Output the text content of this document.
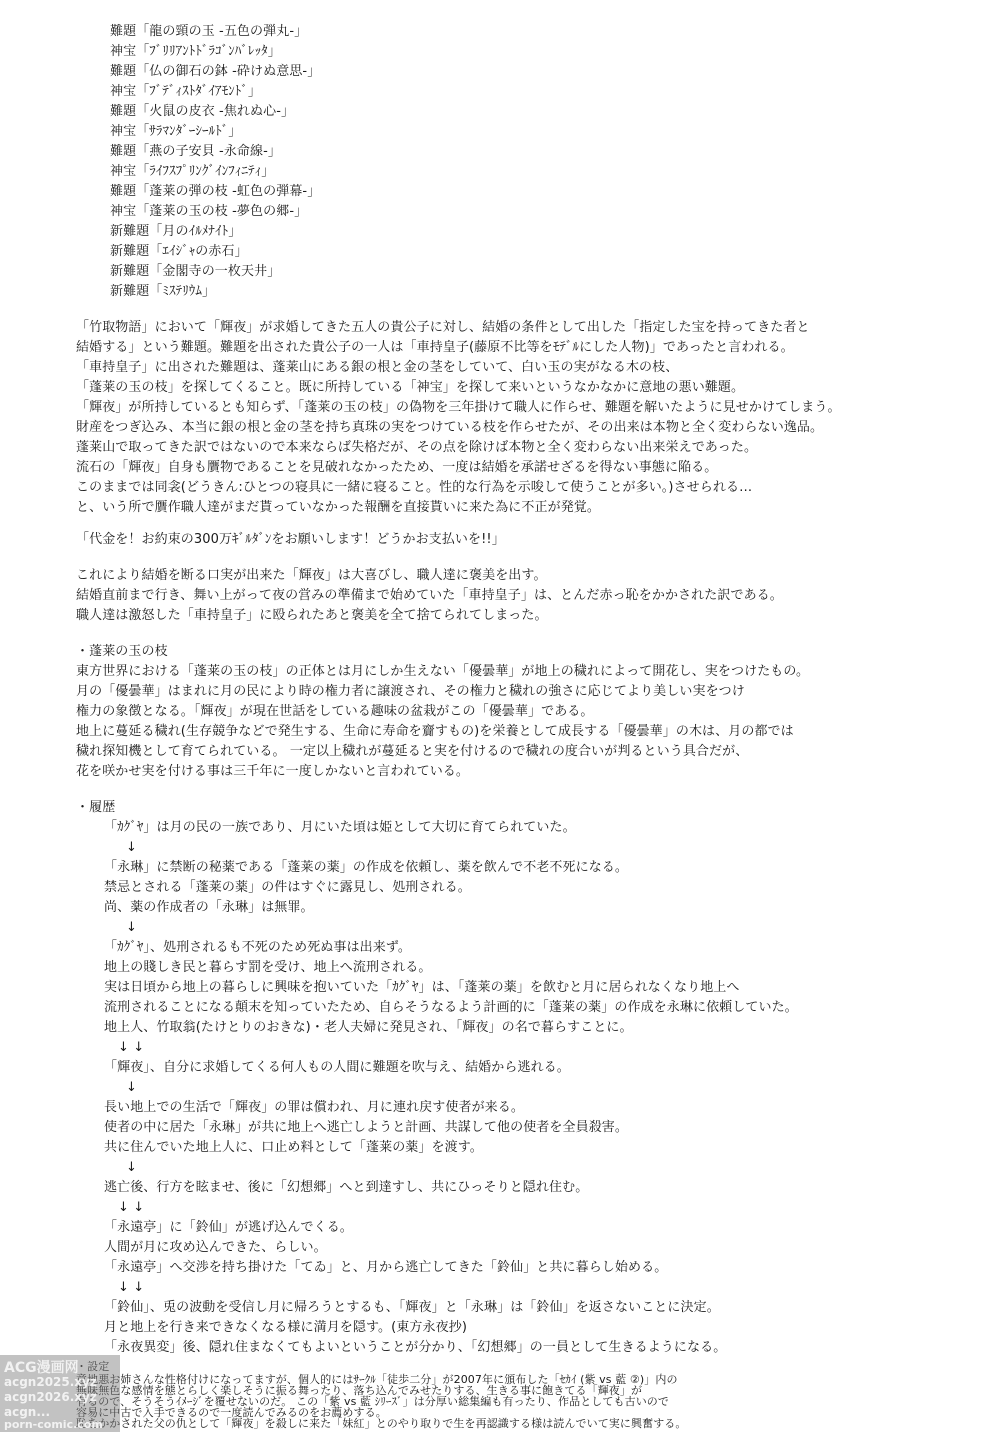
難題「龍の頸の玉 -五色の弾丸-」
神宝「ﾌﾞﾘﾘｱﾝﾄﾄﾞﾗｺﾞﾝﾊﾞﾚｯﾀ」
難題「仏の御石の鉢 -砕けぬ意思-」
神宝「ﾌﾞﾃﾞｨｽﾄﾀﾞｲｱﾓﾝﾄﾞ」
難題「火鼠の皮衣 -焦れぬ心-」
神宝「ｻﾗﾏﾝﾀﾞｰｼｰﾙﾄﾞ」
難題「燕の子安貝 -永命線-」
神宝「ﾗｲﾌｽﾌﾟﾘﾝｸﾞｲﾝﾌｨﾆﾃｨ」
難題「蓬莱の弾の枝 -虹色の弾幕-」
神宝「蓬莱の玉の枝 -夢色の郷-」
新難題「月のｲﾙﾒﾅｲﾄ」
新難題「ｴｲｼﾞｬの赤石」
新難題「金閣寺の一枚天井」
新難題「ﾐｽﾃﾘｳﾑ」
「竹取物語」において「輝夜」が求婚してきた五人の貴公子に対し、結婚の条件として出した「指定した宝を持ってきた者と
結婚する」という難題。難題を出された貴公子の一人は「車持皇子(藤原不比等をﾓﾃﾞﾙにした人物)」であったと言われる。
「車持皇子」に出された難題は、蓬莱山にある銀の根と金の茎をしていて、白い玉の実がなる木の枝、
「蓬莱の玉の枝」を探してくること。既に所持している「神宝」を探して来いというなかなかに意地の悪い難題。
「輝夜」が所持しているとも知らず、「蓬莱の玉の枝」の偽物を三年掛けて職人に作らせ、難題を解いたように見せかけてしまう。
財産をつぎ込み、本当に銀の根と金の茎を持ち真珠の実をつけている枝を作らせたが、その出来は本物と全く変わらない逸品。
蓬莱山で取ってきた訳ではないので本来ならば失格だが、その点を除けば本物と全く変わらない出来栄えであった。
流石の「輝夜」自身も贋物であることを見破れなかったため、一度は結婚を承諾せざるを得ない事態に陥る。
このままでは同衾(どうきん:ひとつの寝具に一緒に寝ること。性的な行為を示唆して使うことが多い。)させられる…
と、いう所で贋作職人達がまだ貰っていなかった報酬を直接貰いに来た為に不正が発覚。
「代金を！お約束の300万ｷﾞﾙﾀﾞﾝをお願いします！どうかお支払いを!!」
これにより結婚を断る口実が出来た「輝夜」は大喜びし、職人達に褒美を出す。
結婚直前まで行き、舞い上がって夜の営みの準備まで始めていた「車持皇子」は、とんだ赤っ恥をかかされた訳である。
職人達は激怒した「車持皇子」に殴られたあと褒美を全て捨てられてしまった。
・蓬莱の玉の枝
東方世界における「蓬莱の玉の枝」の正体とは月にしか生えない「優曇華」が地上の穢れによって開花し、実をつけたもの。
月の「優曇華」はまれに月の民により時の権力者に譲渡され、その権力と穢れの強さに応じてより美しい実をつけ
権力の象徴となる。「輝夜」が現在世話をしている趣味の盆栽がこの「優曇華」である。
地上に蔓延る穢れ(生存競争などで発生する、生命に寿命を齎すもの)を栄養として成長する「優曇華」の木は、月の都では
穢れ探知機として育てられている。 一定以上穢れが蔓延ると実を付けるので穢れの度合いが判るという具合だが、
花を咲かせ実を付ける事は三千年に一度しかないと言われている。
・履歴
「ｶｸﾞﾔ」は月の民の一族であり、月にいた頃は姫として大切に育てられていた。
↓
「永琳」に禁断の秘薬である「蓬莱の薬」の作成を依頼し、薬を飲んで不老不死になる。
禁忌とされる「蓬莱の薬」の件はすぐに露見し、処刑される。
尚、薬の作成者の「永琳」は無罪。
↓
「ｶｸﾞﾔ」、処刑されるも不死のため死ぬ事は出来ず。
地上の賤しき民と暮らす罰を受け、地上へ流刑される。
実は日頃から地上の暮らしに興味を抱いていた「ｶｸﾞﾔ」は、「蓬莱の薬」を飲むと月に居られなくなり地上へ
流刑されることになる顛末を知っていたため、自らそうなるよう計画的に「蓬莱の薬」の作成を永琳に依頼していた。
地上人、竹取翁(たけとりのおきな)・老人夫婦に発見され、「輝夜」の名で暮らすことに。
↓ ↓
「輝夜」、自分に求婚してくる何人もの人間に難題を吹与え、結婚から逃れる。
↓
長い地上での生活で「輝夜」の罪は償われ、月に連れ戻す使者が来る。
使者の中に居た「永琳」が共に地上へ逃亡しようと計画、共謀して他の使者を全員殺害。
共に住んでいた地上人に、口止め料として「蓬莱の薬」を渡す。
↓
逃亡後、行方を眩ませ、後に「幻想郷」へと到達すし、共にひっそりと隠れ住む。
↓ ↓
「永遠亭」に「鈴仙」が逃げ込んでくる。
人間が月に攻め込んできた、らしい。
「永遠亭」へ交渉を持ち掛けた「てゐ」と、月から逃亡してきた「鈴仙」と共に暮らし始める。
↓ ↓
「鈴仙」、兎の波動を受信し月に帰ろうとするも、「輝夜」と「永琳」は「鈴仙」を返さないことに決定。
月と地上を行き来できなくなる様に満月を隠す。(東方永夜抄)
「永夜異変」後、隠れ住まなくてもよいということが分かり、「幻想郷」の一員として生きるようになる。
・設定
意地悪お姉さんな性格付けになってますが、個人的にはｻｰｸﾙ「徒歩二分」が2007年に頒布した「ｾｶｲ (紫 vs 藍 ②)」内の
無味無色な感情を態とらしく楽しそうに振る舞ったり、落ち込んでみせたりする、生きる事に飽きてる「輝夜」が
有るので、そうそうｲﾒｰｼﾞを覆せないのだ。 この「紫 vs 藍 ｼﾘｰｽﾞ」は分厚い総集編も有ったり、作品としても古いので
容易に中古で入手できるので一度読んでみるのをお薦めする。
恥をかかされた父の仇として「輝夜」を殺しに来た「妹紅」とのやり取りで生を再認識する様は読んでいて実に興奮する。
ACG漫画网
acgn2025.xyz
acgn2026.xyz
acgn...
porn-comic.com
